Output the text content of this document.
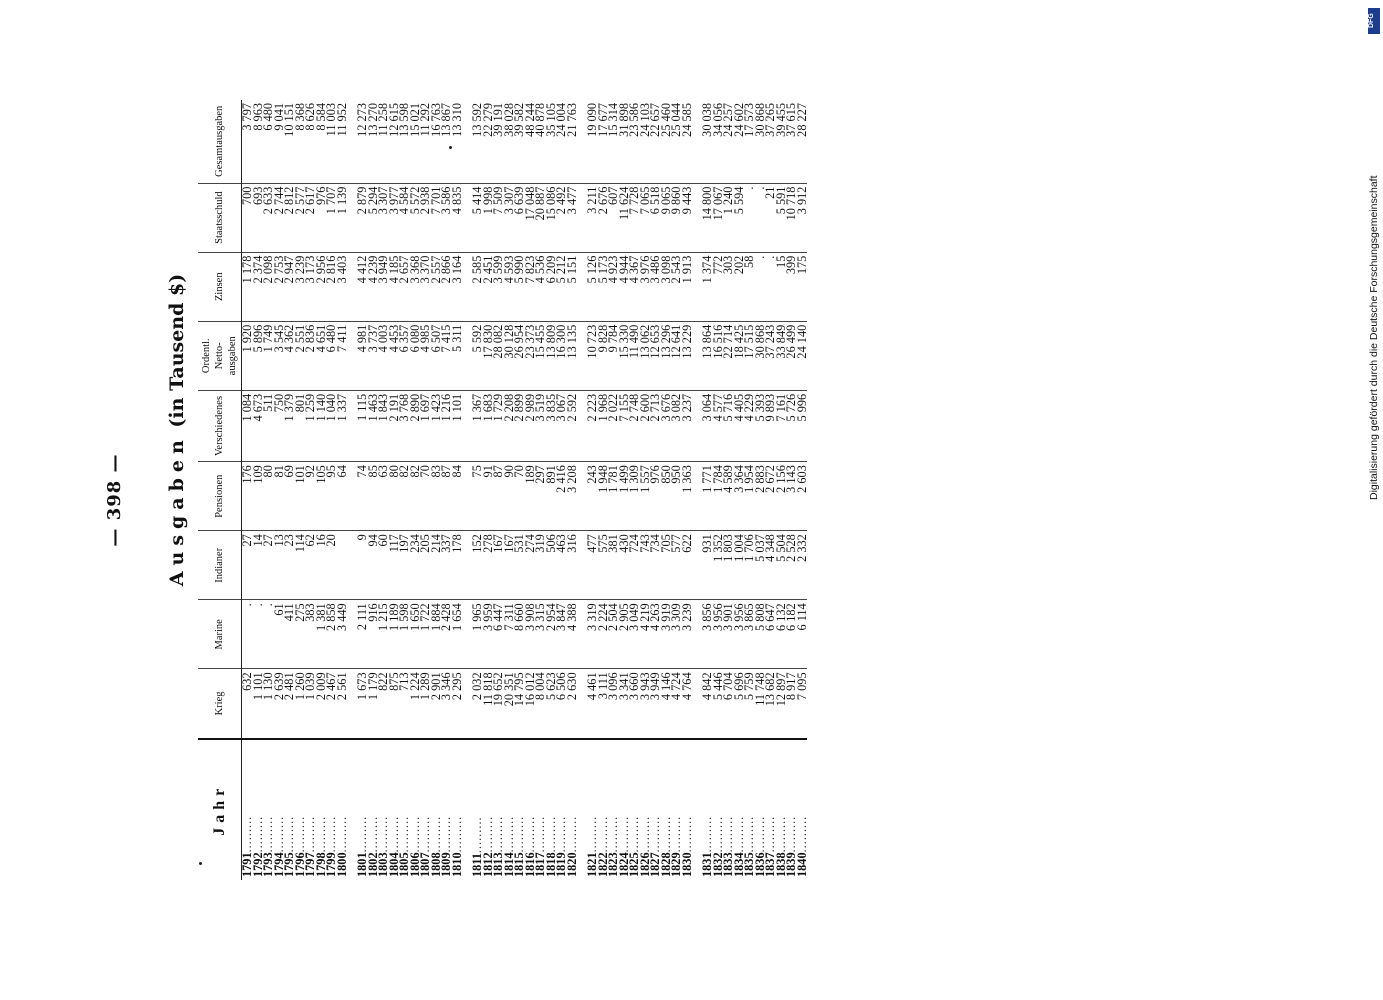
— 398 — Ausgaben (in Tausend $)
Jahr	Krieg	Marine	Indianer	Pensionen	Verschiedenes	Ordentl. Netto-ausgaben	Zinsen	Staatsschuld	Gesamtausgaben
1791.........	632	.	27	176	1 084	1 920	1 178	700	3 797
1792.........	1 101	.	14	109	4 673	5 896	2 374	693	8 963
1793.........	1 130	.	27	80	511	1 749	2 098	2 633	6 480
1794.........	2 639	61	13	81	750	3 545	2 753	2 744	9 041
1795.........	2 481	411	23	69	1 379	4 362	2 947	2 812	10 151
1796.........	1 260	275	114	101	801	2 551	3 239	2 577	8 368
1797.........	1 039	383	62	92	1 259	2 836	3 173	2 617	8 626
1798.........	2 009	1 381	16	105	1 140	4 651	2 956	976	8 584
1799.........	2 467	2 858	20	95	1 040	6 480	2 816	1 707	11 003
1800.........	2 561	3 449		64	1 337	7 411	3 403	1 139	11 952

1801.........	1 673	2 111	9	74	1 115	4 981	4 412	2 879	12 273
1802.........	1 179	916	94	85	1 463	3 737	4 239	5 294	13 270
1803.........	822	1 215	60	63	1 843	4 003	3 949	3 307	11 258
1804.........	875	1 189	117	80	2 191	4 453	4 185	3 977	12 615
1805.........	713	1 598	197	82	3 768	6 357	2 657	4 584	13 598
1806.........	1 224	1 650	234	82	2 890	6 080	3 368	5 572	15 021
1807.........	1 289	1 722	205	70	1 697	4 985	3 370	2 938	11 292
1808.........	2 901	1 884	214	83	1 423	6 507	2 557	7 701	16 763
1809.........	3 346	2 428	337	87	1 216	7 415	2 866	3 586	13 867
1810.........	2 295	1 654	178	84	1 101	5 311	3 164	4 835	13 310

1811.........	2 032	1 965	152	75	1 367	5 592	2 585	5 414	13 592
1812.........	11 818	3 959	278	91	1 683	17 830	2 451	1 998	22 279
1813.........	19 652	6 447	167	87	1 729	28 082	3 599	7 509	39 191
1814.........	20 351	7 311	167	90	2 208	30 128	4 593	3 307	38 028
1815.........	14 795	8 660	531	70	2 899	26 954	5 990	6 639	39 582
1816.........	16 012	3 908	274	189	2 989	23 373	7 823	17 048	48 244
1817.........	8 004	3 315	319	297	3 519	15 455	4 536	20 887	40 878
1818.........	5 623	2 954	506	891	3 835	13 809	6 209	15 086	35 105
1819.........	6 506	3 847	463	2 416	3 067	16 300	5 212	2 492	24 004
1820.........	2 630	4 388	316	3 208	2 592	13 135	5 151	3 477	21 763

1821.........	4 461	3 319	477	243	2 223	10 723	5 126	3 211	19 090
1822.........	3 111	2 224	575	1 948	1 968	9 828	5 173	2 676	17 677
1823.........	3 096	2 504	381	1 781	2 022	9 784	4 923	607	15 314
1824.........	3 341	2 905	430	1 499	7 155	15 330	4 944	11 624	31 898
1825.........	3 660	3 049	724	1 309	2 748	11 490	4 367	7 728	23 586
1826.........	3 943	4 219	743	1 557	2 600	13 062	3 976	7 065	24 103
1827.........	3 949	4 263	734	976	2 713	12 653	3 486	6 518	22 657
1828.........	4 146	3 919	705	850	3 676	13 296	3 098	9 065	25 460
1829.........	4 724	3 309	577	950	3 082	12 641	2 543	9 860	25 044
1830.........	4 764	3 239	622	1 363	3 237	13 229	1 913	9 443	24 585

1831.........	4 842	3 856	931	1 771	3 064	13 864	1 374	14 800	30 038
1832.........	5 446	3 956	1 352	1 784	4 577	16 516	772	17 067	34 056
1833.........	6 704	3 901	1 803	4 589	5 716	22 714	303	1 240	24 257
1834.........	5 696	3 956	1 004	3 364	4 405	18 425	202	5 594	24 602
1835.........	5 759	3 865	1 706	1 954	4 229	17 515	58	.	17 573
1836.........	11 748	5 808	5 037	2 883	5 393	30 868	.	.	30 868
1837.........	13 682	6 647	4 348	2 672	9 893	37 243	.	21	37 265
1838.........	12 897	6 132	5 504	2 156	7 161	33 849	15	5 591	39 455
1839.........	8 917	6 182	2 528	3 143	5 726	26 499	399	10 718	37 615
1840.........	7 095	6 114	2 332	2 603	5 996	24 140	175	3 912	28 227
DFG
Digitalisierung gefördert durch die Deutsche Forschungsgemeinschaft
